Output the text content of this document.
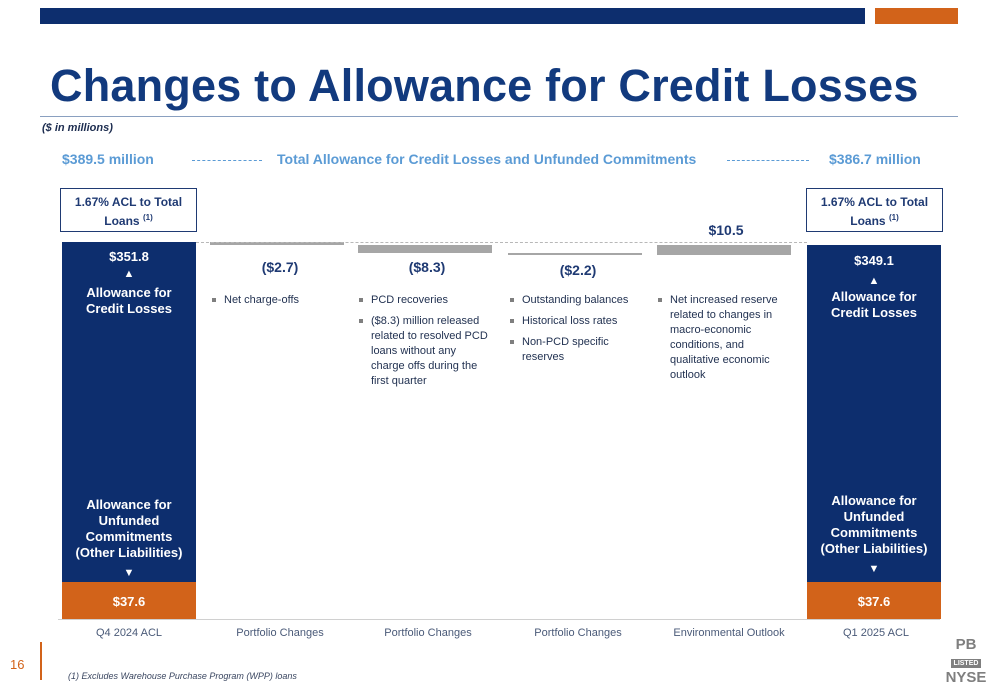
Changes to Allowance for Credit Losses
($ in millions)
$389.5 million	Total Allowance for Credit Losses and Unfunded Commitments	$386.7 million
1.67% ACL to Total Loans $^{(1)}$
1.67% ACL to Total Loans $^{(1)}$
$351.8
▲
Allowance for Credit Losses
Allowance for Unfunded Commitments (Other Liabilities)
▼
$37.6
$349.1
▲
Allowance for Credit Losses
Allowance for Unfunded Commitments (Other Liabilities)
▼
$37.6
($2.7)	($8.3)	($2.2)
$10.5
Net charge-offs	PCD recoveries
($8.3) million released related to resolved PCD loans without any charge offs during the first quarter
Outstanding balances
Historical loss rates
Non-PCD specific reserves
Net increased reserve related to changes in macro-economic conditions, and qualitative economic outlook
Q4 2024 ACL	Portfolio Changes	Portfolio Changes	Portfolio Changes	Environmental Outlook	Q1 2025 ACL
16
(1) Excludes Warehouse Purchase Program (WPP) loans
PB
LISTED
NYSE
